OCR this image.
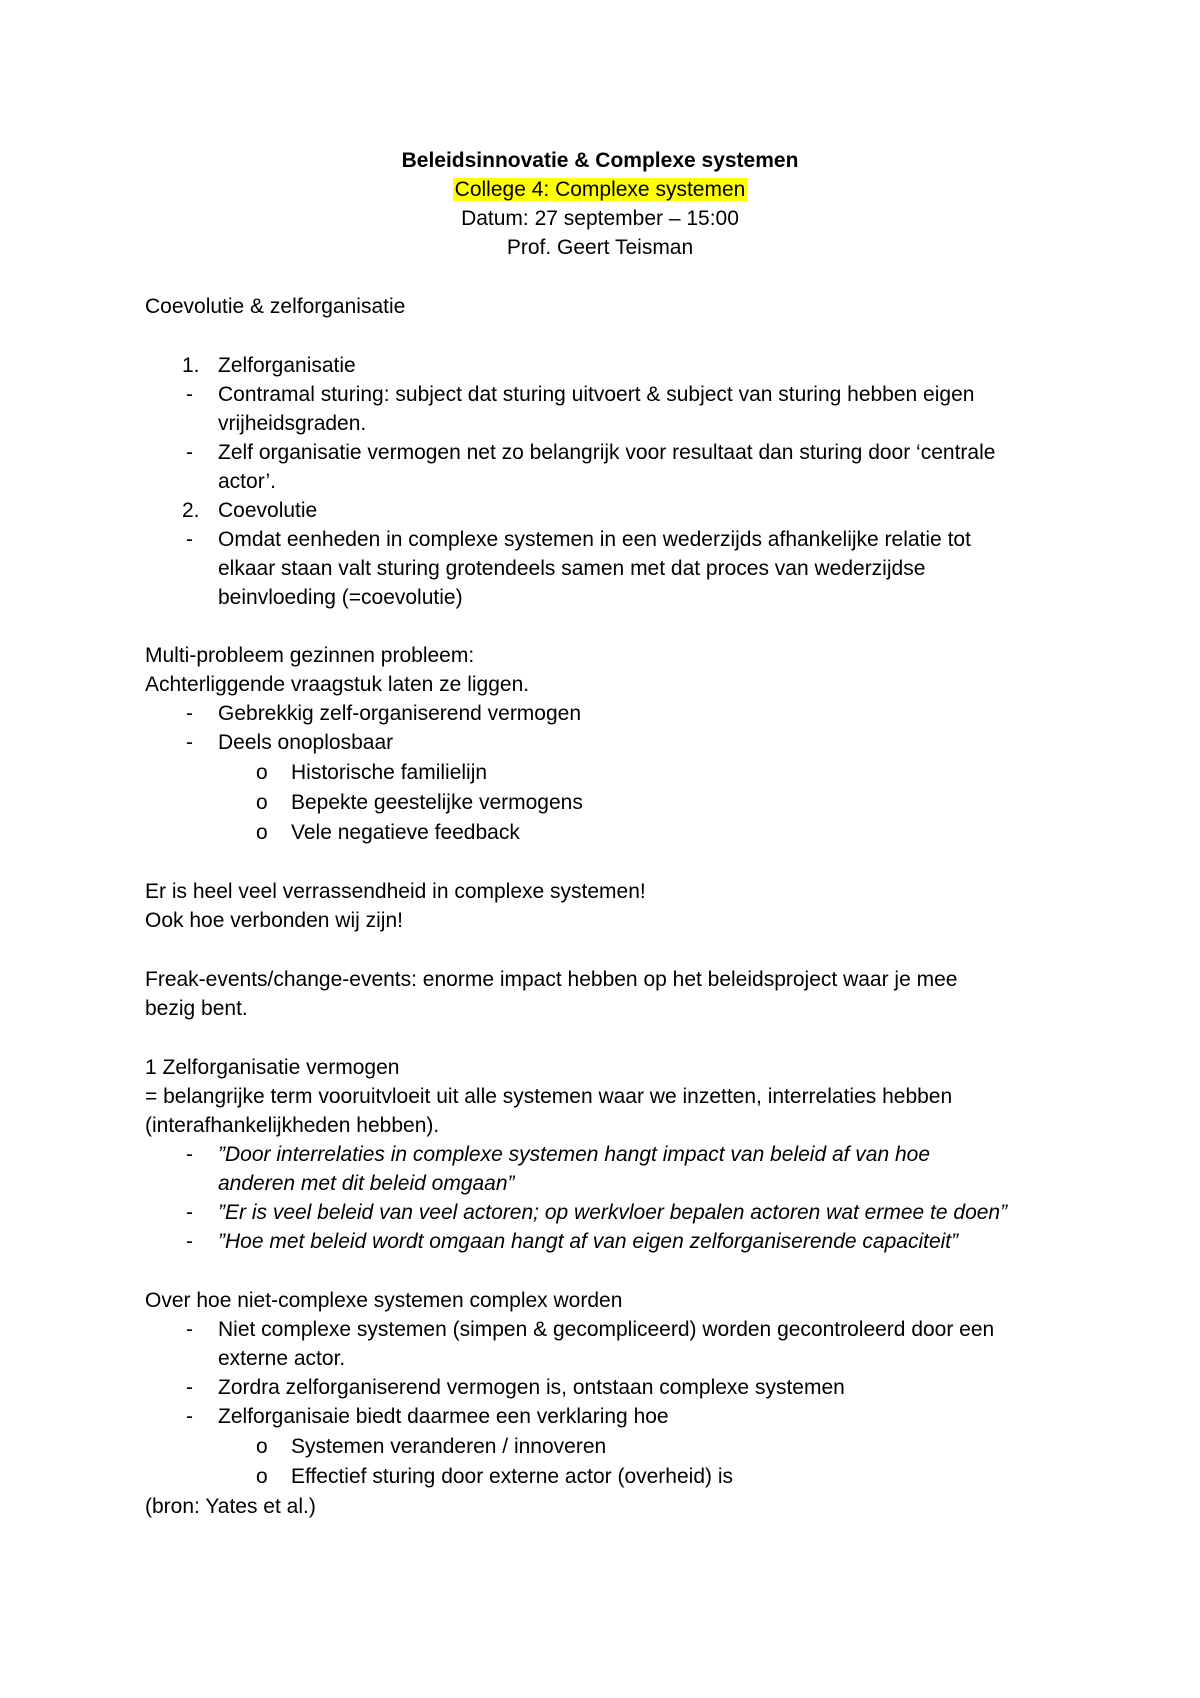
Beleidsinnovatie & Complexe systemen
College 4: Complexe systemen
Datum: 27 september – 15:00
Prof. Geert Teisman
Coevolutie & zelforganisatie
1. Zelforganisatie
- Contramal sturing: subject dat sturing uitvoert & subject van sturing hebben eigen
vrijheidsgraden.
- Zelf organisatie vermogen net zo belangrijk voor resultaat dan sturing door ‘centrale
actor’.
2. Coevolutie
- Omdat eenheden in complexe systemen in een wederzijds afhankelijke relatie tot
elkaar staan valt sturing grotendeels samen met dat proces van wederzijdse
beinvloeding (=coevolutie)
Multi-probleem gezinnen probleem:
Achterliggende vraagstuk laten ze liggen.
- Gebrekkig zelf-organiserend vermogen
- Deels onoplosbaar
o Historische familielijn
o Bepekte geestelijke vermogens
o Vele negatieve feedback
Er is heel veel verrassendheid in complexe systemen!
Ook hoe verbonden wij zijn!
Freak-events/change-events: enorme impact hebben op het beleidsproject waar je mee
bezig bent.
1 Zelforganisatie vermogen
= belangrijke term vooruitvloeit uit alle systemen waar we inzetten, interrelaties hebben
(interafhankelijkheden hebben).
- ”Door interrelaties in complexe systemen hangt impact van beleid af van hoe
anderen met dit beleid omgaan”
- ”Er is veel beleid van veel actoren; op werkvloer bepalen actoren wat ermee te doen”
- ”Hoe met beleid wordt omgaan hangt af van eigen zelforganiserende capaciteit”
Over hoe niet-complexe systemen complex worden
- Niet complexe systemen (simpen & gecompliceerd) worden gecontroleerd door een
externe actor.
- Zordra zelforganiserend vermogen is, ontstaan complexe systemen
- Zelforganisaie biedt daarmee een verklaring hoe
o Systemen veranderen / innoveren
o Effectief sturing door externe actor (overheid) is
(bron: Yates et al.)
